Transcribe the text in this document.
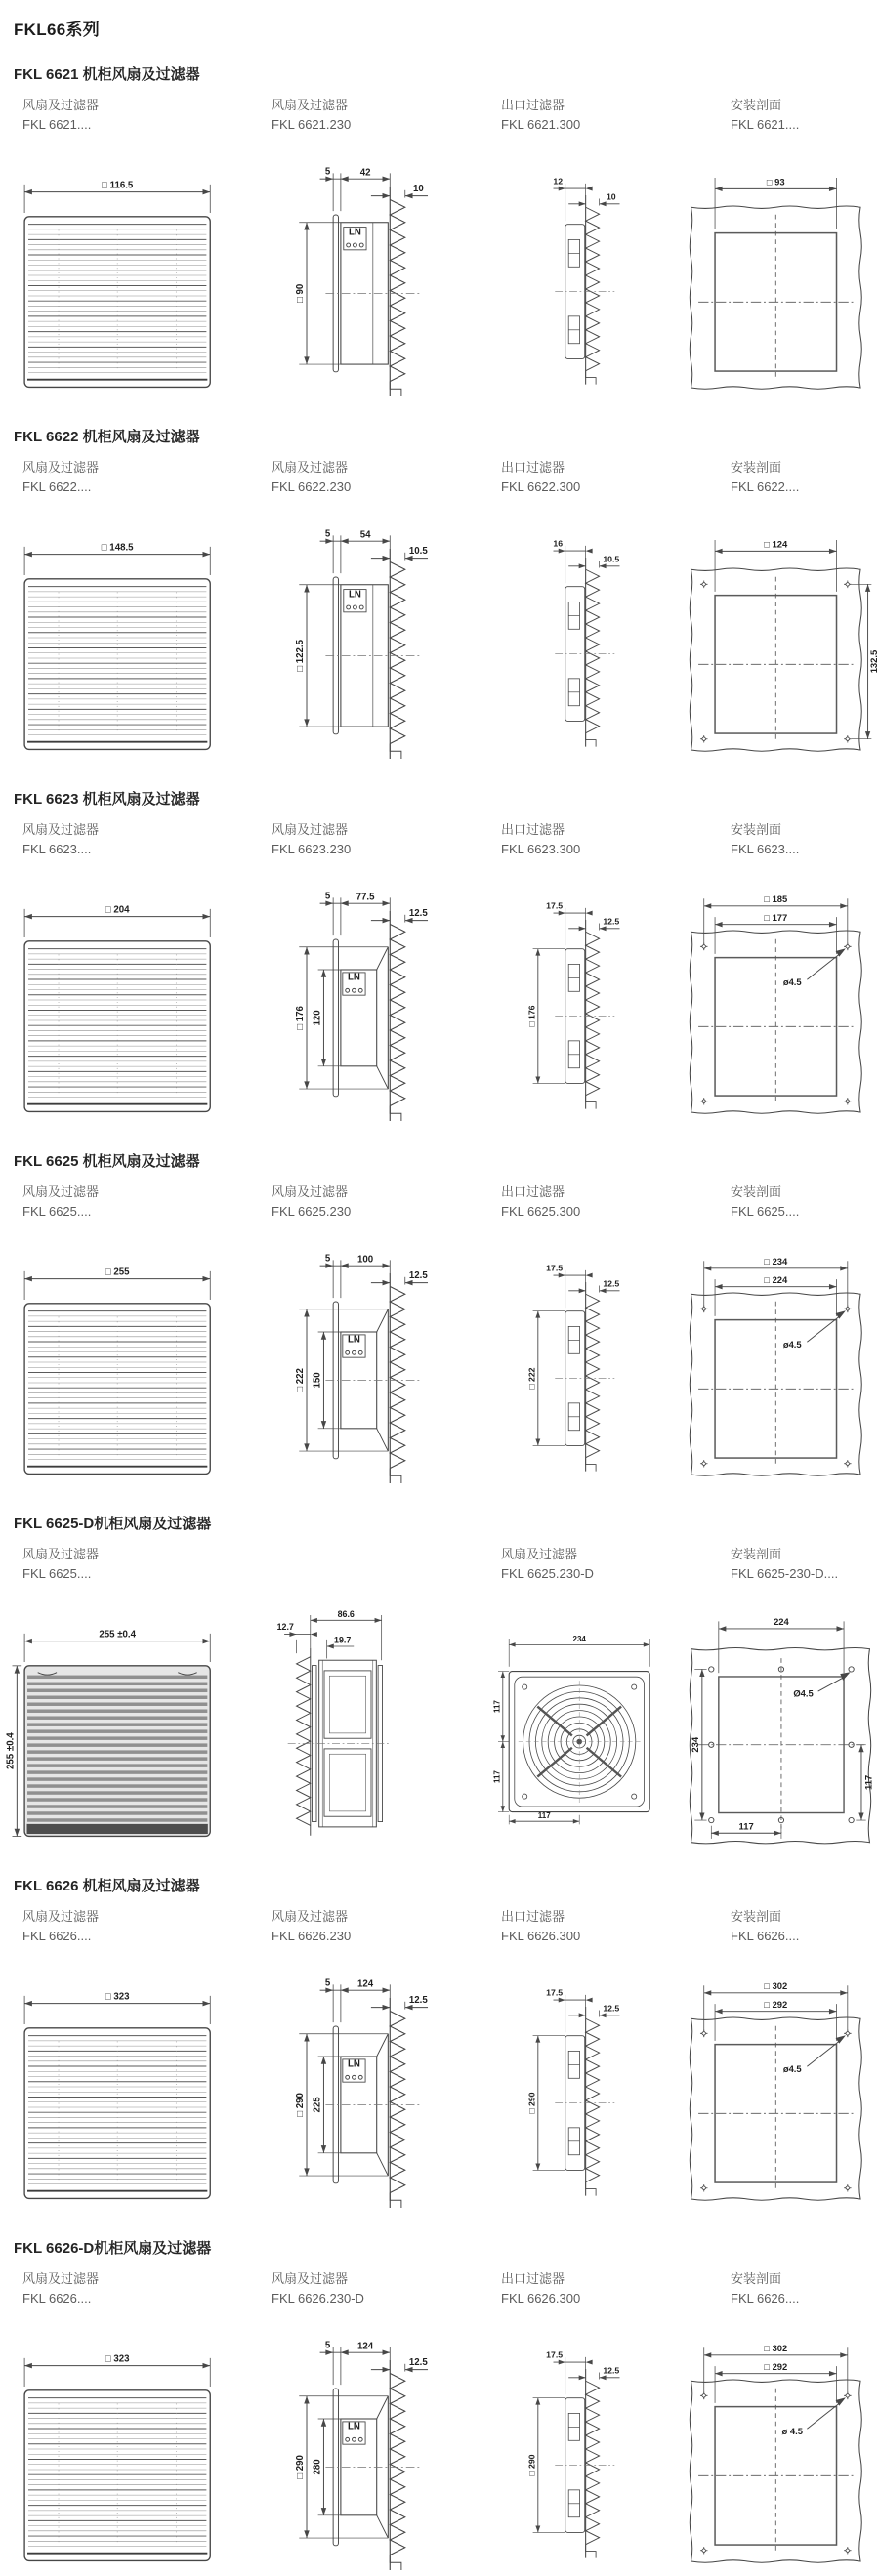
FKL66系列
FKL 6621 机柜风扇及过滤器
风扇及过滤器
FKL 6621....
□ 116.5
风扇及过滤器
FKL 6621.230
5	42
10
LN
□ 90
出口过滤器
FKL 6621.300
12
10
安装剖面
FKL 6621....
□ 93
FKL 6622 机柜风扇及过滤器
风扇及过滤器
FKL 6622....
□ 148.5
风扇及过滤器
FKL 6622.230
5	54
10.5
LN
□ 122.5
出口过滤器
FKL 6622.300
16
10.5
安装剖面
FKL 6622....
□ 124
132.5
FKL 6623 机柜风扇及过滤器
风扇及过滤器
FKL 6623....
□ 204
风扇及过滤器
FKL 6623.230
5	77.5
12.5
LN
□ 176 120
出口过滤器
FKL 6623.300
17.5
12.5
□ 176
安装剖面
FKL 6623....
□ 185
□ 177
ø4.5
FKL 6625 机柜风扇及过滤器
风扇及过滤器
FKL 6625....
□ 255
风扇及过滤器
FKL 6625.230
5	100
12.5
LN
□ 222 150
出口过滤器
FKL 6625.300
17.5
12.5
□ 222
安装剖面
FKL 6625....
□ 234
□ 224
ø4.5
FKL 6625-D机柜风扇及过滤器
风扇及过滤器
FKL 6625....
255 ±0.4
255 ±0.4
12.7
86.6
19.7
风扇及过滤器
FKL 6625.230-D
234
117
117
117
安装剖面
FKL 6625-230-D....
224
234
117
117
Ø4.5
FKL 6626 机柜风扇及过滤器
风扇及过滤器
FKL 6626....
□ 323
风扇及过滤器
FKL 6626.230
5	124
12.5
LN
□ 290 225
出口过滤器
FKL 6626.300
17.5
12.5
□ 290
安装剖面
FKL 6626....
□ 302
□ 292
ø4.5
FKL 6626-D机柜风扇及过滤器
风扇及过滤器
FKL 6626....
□ 323
风扇及过滤器
FKL 6626.230-D
5	124
12.5
LN
□ 290 280
出口过滤器
FKL 6626.300
17.5
12.5
□ 290
安装剖面
FKL 6626....
□ 302
□ 292
ø 4.5
